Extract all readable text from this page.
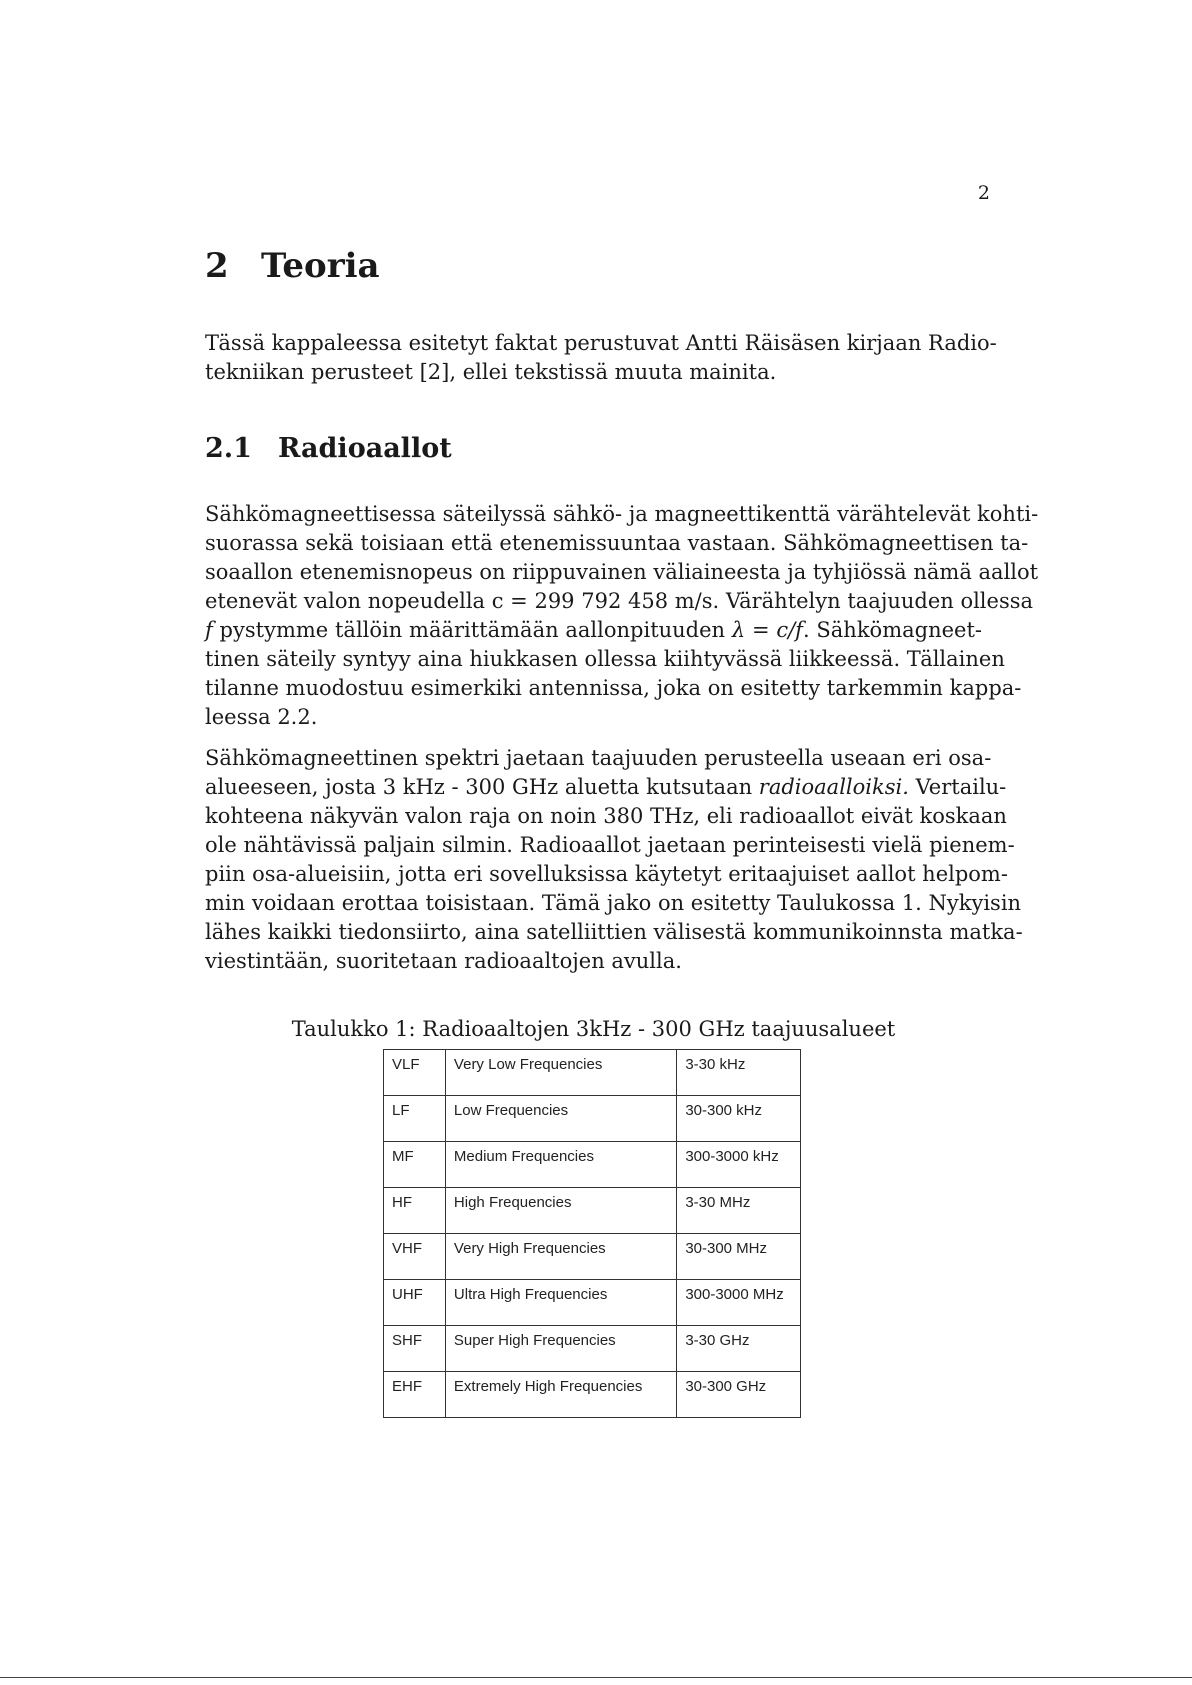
2
2 Teoria

Tässä kappaleessa esitetyt faktat perustuvat Antti Räisäsen kirjaan Radio-
tekniikan perusteet [2], ellei tekstissä muuta mainita.

2.1 Radioaallot

Sähkömagneettisessa säteilyssä sähkö- ja magneettikenttä värähtelevät kohti-
suorassa sekä toisiaan että etenemissuuntaa vastaan. Sähkömagneettisen ta-
soaallon etenemisnopeus on riippuvainen väliaineesta ja tyhjiössä nämä aallot
etenevät valon nopeudella c = 299 792 458 m/s. Värähtelyn taajuuden ollessa
f pystymme tällöin määrittämään aallonpituuden λ = c/f. Sähkömagneet-
tinen säteily syntyy aina hiukkasen ollessa kiihtyvässä liikkeessä. Tällainen
tilanne muodostuu esimerkiki antennissa, joka on esitetty tarkemmin kappa-
leessa 2.2.

Sähkömagneettinen spektri jaetaan taajuuden perusteella useaan eri osa-
alueeseen, josta 3 kHz - 300 GHz aluetta kutsutaan radioaalloiksi. Vertailu-
kohteena näkyvän valon raja on noin 380 THz, eli radioaallot eivät koskaan
ole nähtävissä paljain silmin. Radioaallot jaetaan perinteisesti vielä pienem-
piin osa-alueisiin, jotta eri sovelluksissa käytetyt eritaajuiset aallot helpom-
min voidaan erottaa toisistaan. Tämä jako on esitetty Taulukossa 1. Nykyisin
lähes kaikki tiedonsiirto, aina satelliittien välisestä kommunikoinnsta matka-
viestintään, suoritetaan radioaaltojen avulla.

Taulukko 1: Radioaaltojen 3kHz - 300 GHz taajuusalueet
VLF	Very Low Frequencies	3-30 kHz
LF	Low Frequencies	30-300 kHz
MF	Medium Frequencies	300-3000 kHz
HF	High Frequencies	3-30 MHz
VHF	Very High Frequencies	30-300 MHz
UHF	Ultra High Frequencies	300-3000 MHz
SHF	Super High Frequencies	3-30 GHz
EHF	Extremely High Frequencies	30-300 GHz
